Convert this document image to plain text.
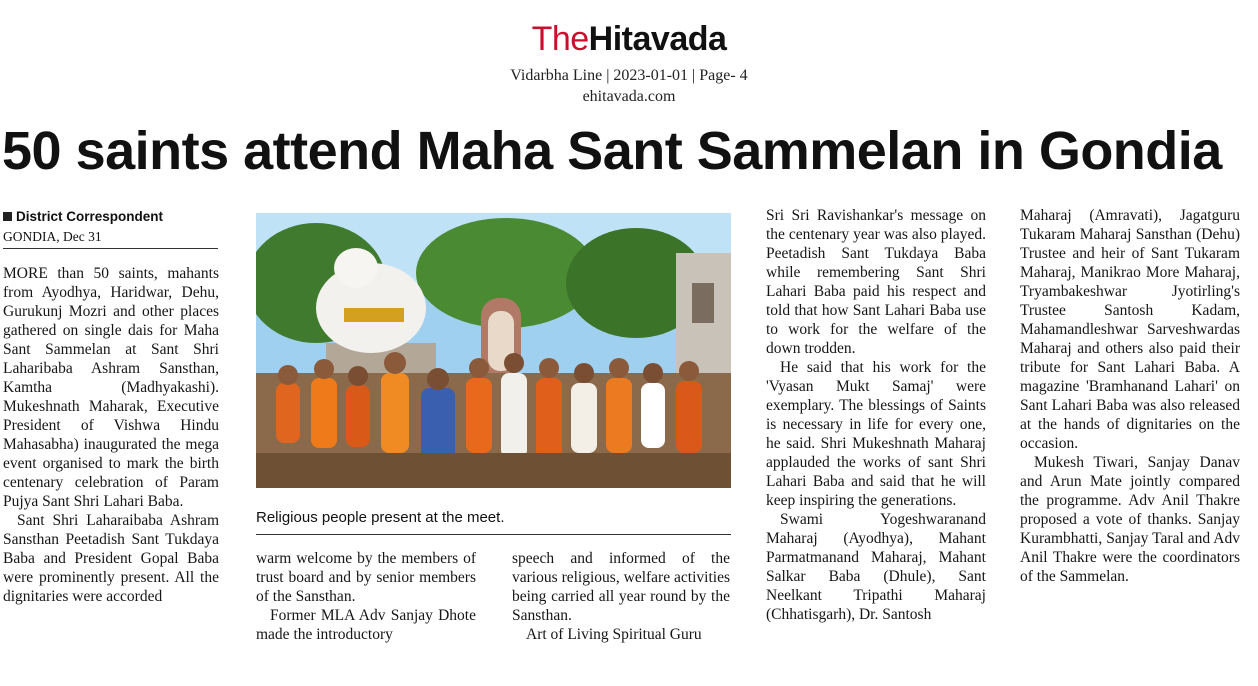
TheHitavada
Vidarbha Line | 2023-01-01 | Page- 4
ehitavada.com
50 saints attend Maha Sant Sammelan in Gondia
District Correspondent
GONDIA, Dec 31

MORE than 50 saints, mahants from Ayodhya, Haridwar, Dehu, Gurukunj Mozri and other places gathered on single dais for Maha Sant Sammelan at Sant Shri Laharibaba Ashram Sansthan, Kamtha (Madhyakashi). Mukeshnath Maharak, Executive President of Vishwa Hindu Mahasabha) inaugurated the mega event organised to mark the birth centenary celebration of Param Pujya Sant Shri Lahari Baba.

Sant Shri Laharaibaba Ashram Sansthan Peetadish Sant Tukdaya Baba and President Gopal Baba were prominently present. All the dignitaries were accorded

Religious people present at the meet.

warm welcome by the members of trust board and by senior members of the Sansthan.

Former MLA Adv Sanjay Dhote made the introductory

speech and informed of the various religious, welfare activities being carried all year round by the Sansthan.

Art of Living Spiritual Guru

Sri Sri Ravishankar's message on the centenary year was also played. Peetadish Sant Tukdaya Baba while remembering Sant Shri Lahari Baba paid his respect and told that how Sant Lahari Baba use to work for the welfare of the down trodden.

He said that his work for the 'Vyasan Mukt Samaj' were exemplary. The blessings of Saints is necessary in life for every one, he said. Shri Mukeshnath Maharaj applauded the works of sant Shri Lahari Baba and said that he will keep inspiring the generations.

Swami Yogeshwaranand Maharaj (Ayodhya), Mahant Parmatmanand Maharaj, Mahant Salkar Baba (Dhule), Sant Neelkant Tripathi Maharaj (Chhatisgarh), Dr. Santosh

Maharaj (Amravati), Jagatguru Tukaram Maharaj Sansthan (Dehu) Trustee and heir of Sant Tukaram Maharaj, Manikrao More Maharaj, Tryambakeshwar Jyotirling's Trustee Santosh Kadam, Mahamandleshwar Sarveshwardas Maharaj and others also paid their tribute for Sant Lahari Baba. A magazine 'Bramhanand Lahari' on Sant Lahari Baba was also released at the hands of dignitaries on the occasion.

Mukesh Tiwari, Sanjay Danav and Arun Mate jointly compared the programme. Adv Anil Thakre proposed a vote of thanks. Sanjay Kurambhatti, Sanjay Taral and Adv Anil Thakre were the coordinators of the Sammelan.
